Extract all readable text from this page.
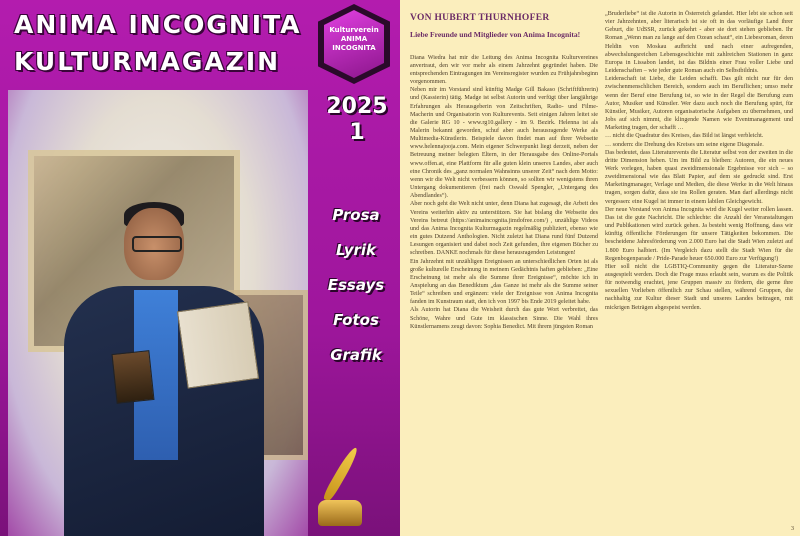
ANIMA INCOGNITA
KULTURMAGAZIN
Kulturverein
ANIMA
INCOGNITA
2025
1
Prosa
Lyrik
Essays
Fotos
Grafik
VON HUBERT THURNHOFER
Liebe Freunde und Mitglieder von Anima Incognita!

Diana Wiedra hat mir die Leitung des Anima Incognita Kulturvereines anvertraut, den wir vor mehr als einem Jahrzehnt gegründet haben. Die entsprechenden Eintragungen im Vereinsregister wurden zu Frühjahrsbeginn vorgenommen.

Neben mir im Vorstand sind künftig Madge Gill Bakaso (Schriftführerin) und (Kassierin) tätig. Madge ist selbst Autorin und verfügt über langjährige Erfahrungen als Herausgeberin von Zeitschriften, Radio- und Filme-Macherin und Organisatorin von Kulturevents. Seit einigen Jahren leitet sie die Galerie RG 10 - www.rg10.gallery - im 9. Bezirk. Helenna ist als Malerin bekannt geworden, schuf aber auch herausragende Werke als Multimedia-Künstlerin. Beispiele davon findet man auf ihrer Webseite www.helennajooja.com. Mein eigener Schwerpunkt liegt derzeit, neben der Betreuung meiner belegten Eltern, in der Herausgabe des Online-Portals www.offen.at, eine Plattform für alle guten klein unseres Landes, aber auch eine Chronik des „ganz normalen Wahnsinns unserer Zeit“ nach dem Motto: wenn wir die Welt nicht verbessern können, so sollten wir wenigstens ihren Untergang dokumentieren (frei nach Oswald Spengler, „Untergang des Abendlandes“).

Aber noch geht die Welt nicht unter, denn Diana hat zugesagt, die Arbeit des Vereins weiterhin aktiv zu unterstützen. Sie hat bislang die Webseite des Vereins betreut (https://animaincognita.jimdofree.com/) , unzählige Videos und das Anima Incognita Kulturmagazin regelmäßig publiziert, ebenso wie ein gutes Dutzend Anthologien. Nicht zuletzt hat Diana rund fünf Dutzend Lesungen organisiert und dabei noch Zeit gefunden, ihre eigenen Bücher zu schreiben. DANKE nochmals für diese herausragenden Leistungen!

Ein Jahrzehnt mit unzähligen Ereignissen an unterschiedlichen Orten ist als große kulturelle Erscheinung in meinem Gedächtnis haften geblieben: „Eine Erscheinung ist mehr als die Summe ihrer Ereignisse“, möchte ich in Anspielung an das Benediktum „das Ganze ist mehr als die Summe seiner Teile“ schreiben und ergänzen: viele der Ereignisse von Anima Incognita fanden im Kunstraum statt, den ich von 1997 bis Ende 2019 geleitet habe.

Als Autorin hat Diana die Weisheit durch das gute Wort verbreitet, das Schöne, Wahre und Gute im klassischen Sinne. Die Wahl ihres Künstlernamens zeugt davon: Sophia Benedict. Mit ihrem jüngsten Roman

„Bruderliebe“ ist die Autorin in Österreich gelandet. Hier lebt sie schon seit vier Jahrzehnten, aber literarisch ist sie oft in das vorläufige Land ihrer Geburt, die UdSSR, zurück gekehrt - aber sie dort stehen geblieben. Ihr Roman „Wenn man zu lange auf den Ozean schaut“, ein Liebesroman, deren Heldin von Moskau aufbricht und nach einer aufregenden, abwechslungsreichen Lebensgeschichte mit zahlreichen Stationen in ganz Europa in Lissabon landet, ist das Bildnis einer Frau voller Liebe und Leidenschaften – wie jeder gute Roman auch ein Selbstbildnis.

Leidenschaft ist Liebe, die Leiden schafft. Das gilt nicht nur für den zwischenmenschlichen Bereich, sondern auch im Beruflichen; umso mehr wenn der Beruf eine Berufung ist, so wie in der Regel die Berufung zum Autor, Musiker und Künstler. Wer dazu auch noch die Berufung spürt, für Künstler, Musiker, Autoren organisatorische Aufgaben zu übernehmen, und Jobs auf sich nimmt, die klingende Namen wie Eventmanagement und Marketing tragen, der schafft …

… nicht die Quadratur des Kreises, das Bild ist längst verbleicht.

… sondern: die Drehung des Kreises um seine eigene Diagonale.

Das bedeutet, dass Literaturevents die Literatur selbst von der zweiten in die dritte Dimension heben. Um im Bild zu bleiben: Autoren, die ein neues Werk vorlegen, haben quasi zweidimensionale Ergebnisse vor sich – so zweidimensional wie das Blatt Papier, auf dem sie gedruckt sind. Erst Marketingmanager, Verlage und Medien, die diese Werke in die Welt hinaus tragen, sorgen dafür, dass sie ins Rollen geraten. Man darf allerdings nicht vergessen: eine Kugel ist immer in einem labilen Gleichgewicht.

Der neue Vorstand von Anima Incognita wird die Kugel weiter rollen lassen. Das ist die gute Nachricht. Die schlechte: die Anzahl der Veranstaltungen und Publikationen wird zurück gehen. Ja besteht wenig Hoffnung, dass wir künftig öffentliche Förderungen für unsere Tätigkeiten bekommen. Die bescheidene Jahresförderung von 2.000 Euro hat die Stadt Wien zuletzt auf 1.800 Euro halbiert. (Im Vergleich dazu stellt die Stadt Wien für die Regenbogenparade / Pride-Parade heuer 650.000 Euro zur Verfügung!)

Hier soll nicht die LGBTIQ-Community gegen die Literatur-Szene ausgespielt werden. Doch die Frage muss erlaubt sein, warum es die Politik für notwendig erachtet, jene Gruppen massiv zu fördern, die gerne ihre sexuellen Vorlieben öffentlich zur Schau stellen, während Gruppen, die nachhaltig zur Kultur dieser Stadt und unseres Landes beitragen, mit mickrigen Beträgen abgespeist werden.

3
